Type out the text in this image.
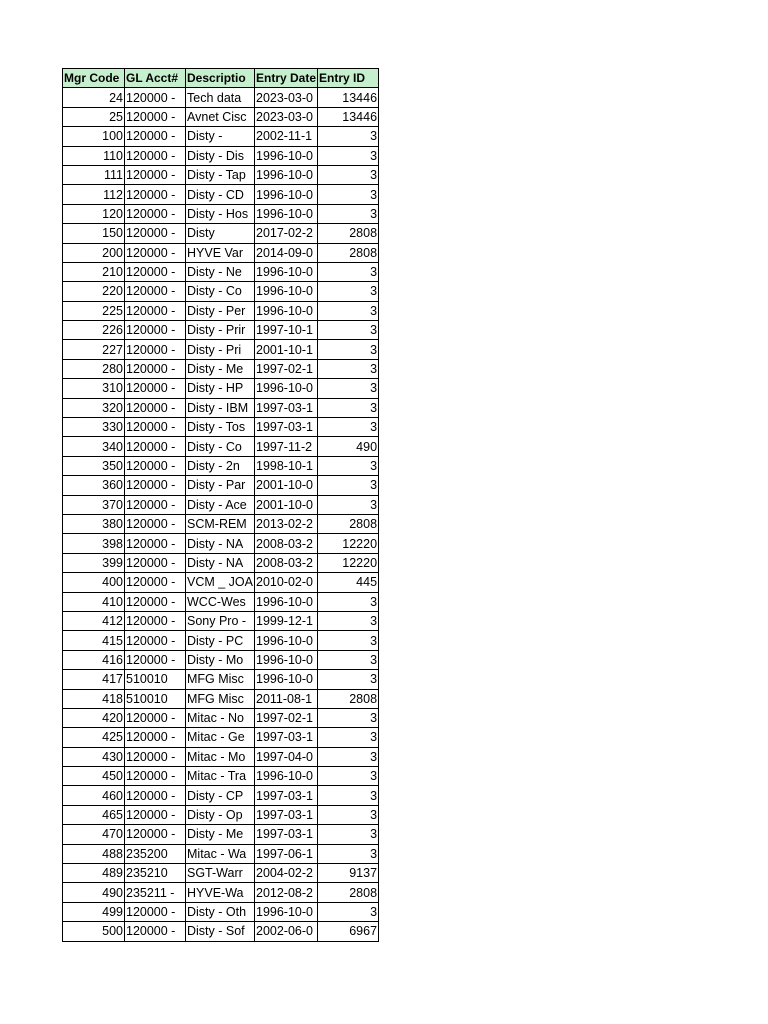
Mgr Code	GL Acct#	Descriptio	Entry Date	Entry ID
24	120000 -	Tech data	2023-03-0	13446
25	120000 -	Avnet Cisc	2023-03-0	13446
100	120000 -	Disty -	2002-11-1	3
110	120000 -	Disty - Dis	1996-10-0	3
111	120000 -	Disty - Tap	1996-10-0	3
112	120000 -	Disty - CD	1996-10-0	3
120	120000 -	Disty - Hos	1996-10-0	3
150	120000 -	Disty	2017-02-2	2808
200	120000 -	HYVE Var	2014-09-0	2808
210	120000 -	Disty - Ne	1996-10-0	3
220	120000 -	Disty - Co	1996-10-0	3
225	120000 -	Disty - Per	1996-10-0	3
226	120000 -	Disty - Prir	1997-10-1	3
227	120000 -	Disty - Pri	2001-10-1	3
280	120000 -	Disty - Me	1997-02-1	3
310	120000 -	Disty - HP	1996-10-0	3
320	120000 -	Disty - IBM	1997-03-1	3
330	120000 -	Disty - Tos	1997-03-1	3
340	120000 -	Disty - Co	1997-11-2	490
350	120000 -	Disty - 2n	1998-10-1	3
360	120000 -	Disty - Par	2001-10-0	3
370	120000 -	Disty - Ace	2001-10-0	3
380	120000 -	SCM-REM	2013-02-2	2808
398	120000 -	Disty - NA	2008-03-2	12220
399	120000 -	Disty - NA	2008-03-2	12220
400	120000 -	VCM _ JOA	2010-02-0	445
410	120000 -	WCC-Wes	1996-10-0	3
412	120000 -	Sony Pro -	1999-12-1	3
415	120000 -	Disty - PC	1996-10-0	3
416	120000 -	Disty - Mo	1996-10-0	3
417	510010	MFG Misc	1996-10-0	3
418	510010	MFG Misc	2011-08-1	2808
420	120000 -	Mitac - No	1997-02-1	3
425	120000 -	Mitac - Ge	1997-03-1	3
430	120000 -	Mitac - Mo	1997-04-0	3
450	120000 -	Mitac - Tra	1996-10-0	3
460	120000 -	Disty - CP	1997-03-1	3
465	120000 -	Disty - Op	1997-03-1	3
470	120000 -	Disty - Me	1997-03-1	3
488	235200	Mitac - Wa	1997-06-1	3
489	235210	SGT-Warr	2004-02-2	9137
490	235211 -	HYVE-Wa	2012-08-2	2808
499	120000 -	Disty - Oth	1996-10-0	3
500	120000 -	Disty - Sof	2002-06-0	6967
